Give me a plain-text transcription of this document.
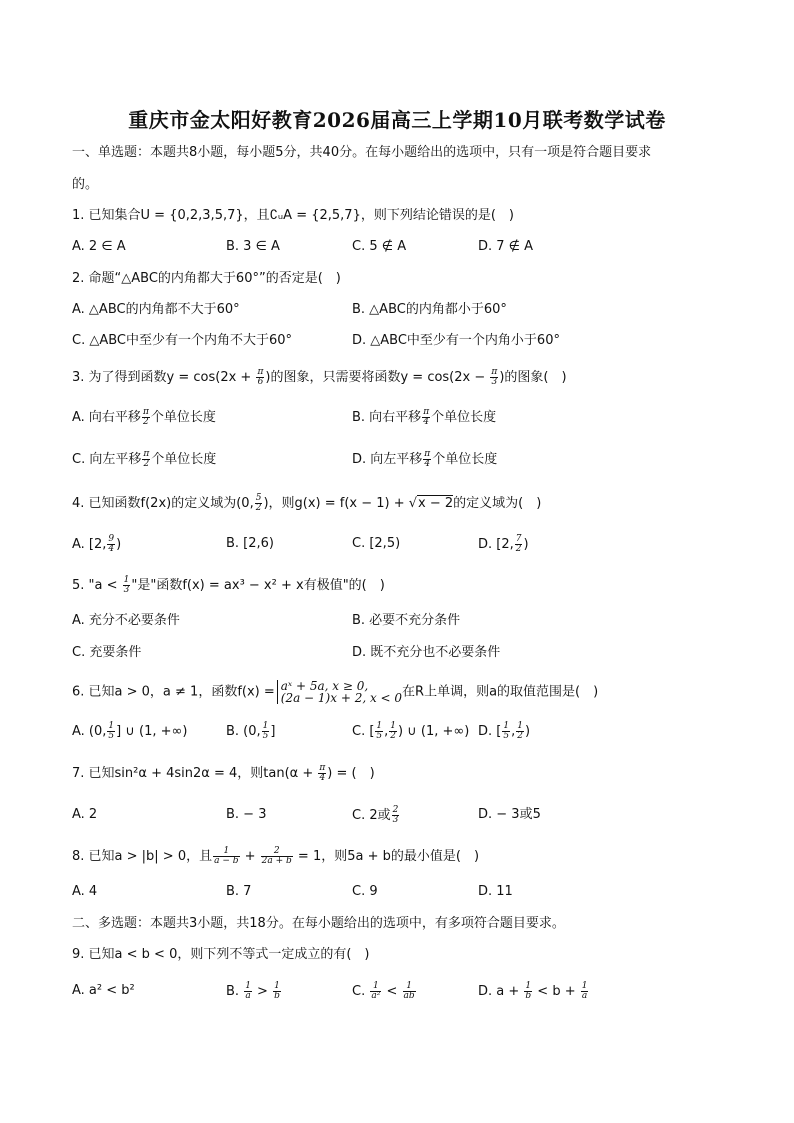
重庆市金太阳好教育2026届高三上学期10月联考数学试卷
一、单选题：本题共8小题，每小题5分，共40分。在每小题给出的选项中，只有一项是符合题目要求
的。
1. 已知集合U = {0,2,3,5,7}，且∁ᵤA = {2,5,7}，则下列结论错误的是(　)
A. 2 ∈ A	B. 3 ∈ A	C. 5 ∉ A	D. 7 ∉ A
2. 命题“△ABC的内角都大于60°”的否定是(　)
A. △ABC的内角都不大于60°	B. △ABC的内角都小于60°
C. △ABC中至少有一个内角不大于60°	D. △ABC中至少有一个内角小于60°
3. 为了得到函数$y = \cos(2x + \frac{\pi}{6}$ )的图象，只需要将函数$y = \cos(2x - \frac{\pi}{3}$ )的图象(　)
A. 向右平移 $\frac{\pi}{2}$ 个单位长度	B. 向右平移 $\frac{\pi}{4}$ 个单位长度
C. 向左平移 $\frac{\pi}{2}$ 个单位长度	D. 向左平移 $\frac{\pi}{4}$ 个单位长度
4. 已知函数f(2x)的定义域为(0, $\frac{5}{2}$ )，则g(x) = f(x − 1) + √x − 2的定义域为(　)
A. [2, $\frac{9}{4}$ )	B. [2,6)	C. [2,5)	D. [2, $\frac{7}{2}$ )
5. "$a < \frac{1}{3}$ "是"函数f(x) = ax³ − x² + x有极值"的(　)
A. 充分不必要条件	B. 必要不充分条件
C. 充要条件	D. 既不充分也不必要条件
6. 已知a > 0，a ≠ 1，函数f(x) = aˣ + 5a, x ≥ 0,
(2a − 1)x + 2, x < 0 在R上单调，则a的取值范围是(　)
A. (0, $\frac{1}{5}$ ] ∪ (1, +∞)	B. (0, $\frac{1}{5}$ ]	C. [ $\frac{1}{5}$ , $\frac{1}{2}$ ) ∪ (1, +∞) D. [ $\frac{1}{5}$ , $\frac{1}{2}$ )
7. 已知sin²α + 4sin2α = 4，则$\tan(\alpha + \frac{\pi}{4}$ ) = (　)
A. 2	B. − 3	C. 2或 $\frac{2}{3}$	D. − 3或5
8. 已知a > |b| > 0，且 $\frac{1}{a - b} + \frac{2}{2a + b} = 1$，则5a + b的最小值是(　)
A. 4	B. 7	C. 9	D. 11
二、多选题：本题共3小题，共18分。在每小题给出的选项中，有多项符合题目要求。
9. 已知a < b < 0，则下列不等式一定成立的有(　)
A. a² < b²	B. $\frac{1}{a} > \frac{1}{b}$	C. $\frac{1}{\text{a²}} < \frac{1}{ab}$	D. $a + \frac{1}{b} < b + \frac{1}{a}$
